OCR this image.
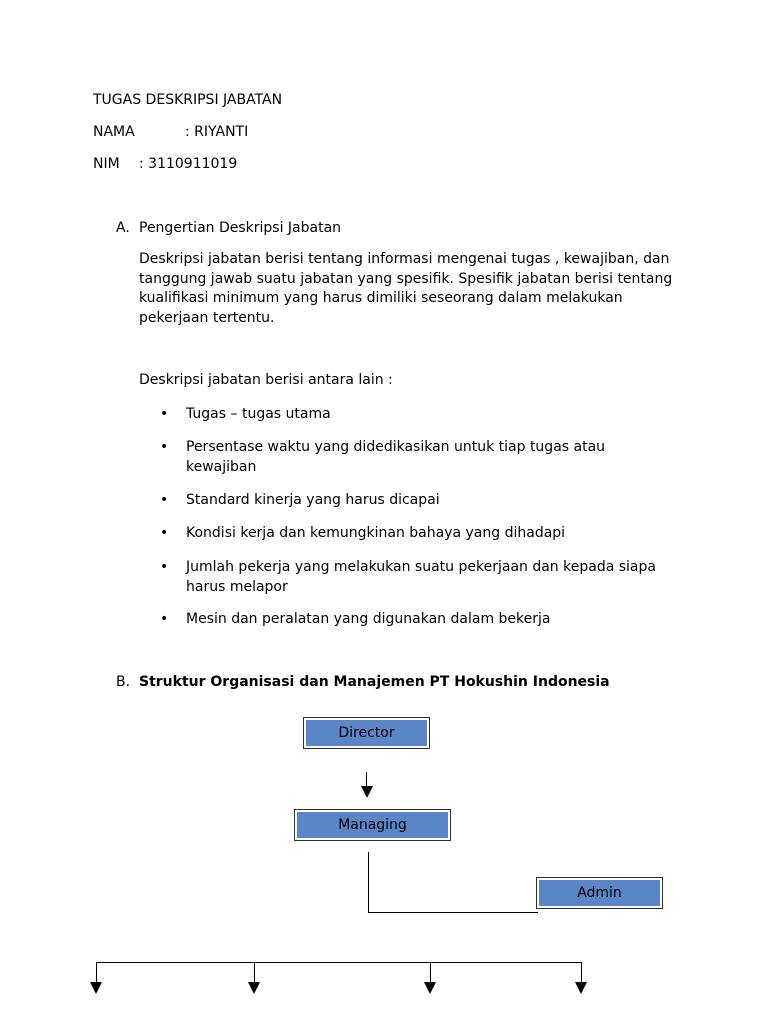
TUGAS DESKRIPSI JABATAN
NAMA	: RIYANTI
NIM : 3110911019
A. Pengertian Deskripsi Jabatan
Deskripsi jabatan berisi tentang informasi mengenai tugas , kewajiban, dan tanggung jawab suatu jabatan yang spesifik. Spesifik jabatan berisi tentang kualifikasi minimum yang harus dimiliki seseorang dalam melakukan pekerjaan tertentu.
Deskripsi jabatan berisi antara lain :
• Tugas – tugas utama
• Persentase waktu yang didedikasikan untuk tiap tugas atau kewajiban
• Standard kinerja yang harus dicapai
• Kondisi kerja dan kemungkinan bahaya yang dihadapi
• Jumlah pekerja yang melakukan suatu pekerjaan dan kepada siapa harus melapor
• Mesin dan peralatan yang digunakan dalam bekerja
B. Struktur Organisasi dan Manajemen PT Hokushin Indonesia
Director
Managing
Admin
